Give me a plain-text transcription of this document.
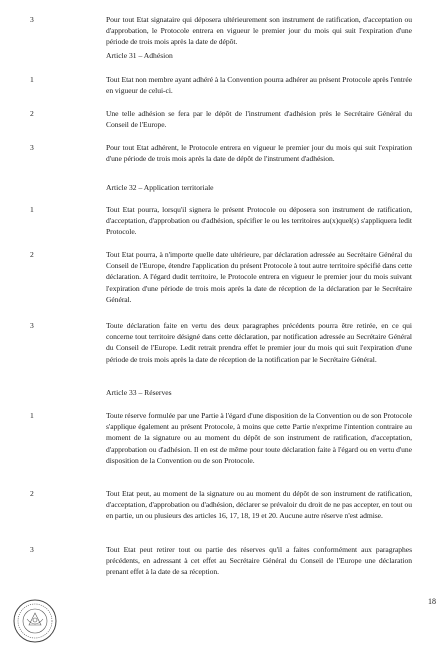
3	Pour tout Etat signataire qui déposera ultérieurement son instrument de ratification, d'acceptation ou d'approbation, le Protocole entrera en vigueur le premier jour du mois qui suit l'expiration d'une période de trois mois après la date de dépôt.
Article 31 – Adhésion
1	Tout Etat non membre ayant adhéré à la Convention pourra adhérer au présent Protocole après l'entrée en vigueur de celui-ci.
2	Une telle adhésion se fera par le dépôt de l'instrument d'adhésion près le Secrétaire Général du Conseil de l'Europe.
3	Pour tout Etat adhérent, le Protocole entrera en vigueur le premier jour du mois qui suit l'expiration d'une période de trois mois après la date de dépôt de l'instrument d'adhésion.
Article 32 – Application territoriale
1	Tout Etat pourra, lorsqu'il signera le présent Protocole ou déposera son instrument de ratification, d'acceptation, d'approbation ou d'adhésion, spécifier le ou les territoires au(x)quel(s) s'appliquera ledit Protocole.
2	Tout Etat pourra, à n'importe quelle date ultérieure, par déclaration adressée au Secrétaire Général du Conseil de l'Europe, étendre l'application du présent Protocole à tout autre territoire spécifié dans cette déclaration. A l'égard dudit territoire, le Protocole entrera en vigueur le premier jour du mois suivant l'expiration d'une période de trois mois après la date de réception de la déclaration par le Secrétaire Général.
3	Toute déclaration faite en vertu des deux paragraphes précédents pourra être retirée, en ce qui concerne tout territoire désigné dans cette déclaration, par notification adressée au Secrétaire Général du Conseil de l'Europe. Ledit retrait prendra effet le premier jour du mois qui suit l'expiration d'une période de trois mois après la date de réception de la notification par le Secrétaire Général.
Article 33 – Réserves
1	Toute réserve formulée par une Partie à l'égard d'une disposition de la Convention ou de son Protocole s'applique également au présent Protocole, à moins que cette Partie n'exprime l'intention contraire au moment de la signature ou au moment du dépôt de son instrument de ratification, d'acceptation, d'approbation ou d'adhésion. Il en est de même pour toute déclaration faite à l'égard ou en vertu d'une disposition de la Convention ou de son Protocole.
2	Tout Etat peut, au moment de la signature ou au moment du dépôt de son instrument de ratification, d'acceptation, d'approbation ou d'adhésion, déclarer se prévaloir du droit de ne pas accepter, en tout ou en partie, un ou plusieurs des articles 16, 17, 18, 19 et 20. Aucune autre réserve n'est admise.
3	Tout Etat peut retirer tout ou partie des réserves qu'il a faites conformément aux paragraphes précédents, en adressant à cet effet au Secrétaire Général du Conseil de l'Europe une déclaration prenant effet à la date de sa réception.
18
